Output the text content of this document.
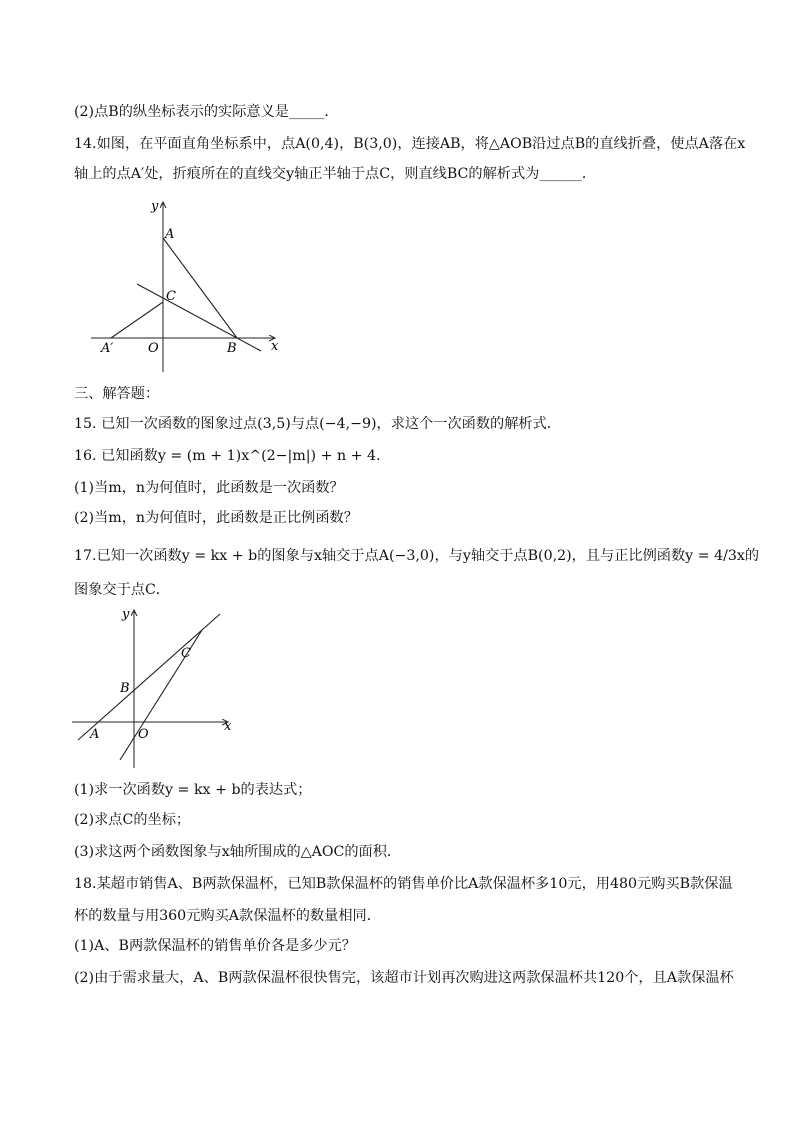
(2)点B的纵坐标表示的实际意义是_____．
14.如图，在平面直角坐标系中，点A(0,4)，B(3,0)，连接AB，将△AOB沿过点B的直线折叠，使点A落在x
轴上的点A′处，折痕所在的直线交y轴正半轴于点C，则直线BC的解析式为______．
y
x
A
C
A′	O	B
三、解答题：
15. 已知一次函数的图象过点(3,5)与点(−4,−9)，求这个一次函数的解析式．
16. 已知函数y = (m + 1)x^(2−|m|) + n + 4．
(1)当m，n为何值时，此函数是一次函数？
(2)当m，n为何值时，此函数是正比例函数？
17.已知一次函数y = kx + b的图象与x轴交于点A(−3,0)，与y轴交于点B(0,2)，且与正比例函数y = 4/3x的
图象交于点C．
y
x
A
B
C
O
(1)求一次函数y = kx + b的表达式；
(2)求点C的坐标；
(3)求这两个函数图象与x轴所围成的△AOC的面积．
18.某超市销售A、B两款保温杯，已知B款保温杯的销售单价比A款保温杯多10元，用480元购买B款保温
杯的数量与用360元购买A款保温杯的数量相同．
(1)A、B两款保温杯的销售单价各是多少元？
(2)由于需求量大，A、B两款保温杯很快售完，该超市计划再次购进这两款保温杯共120个，且A款保温杯
